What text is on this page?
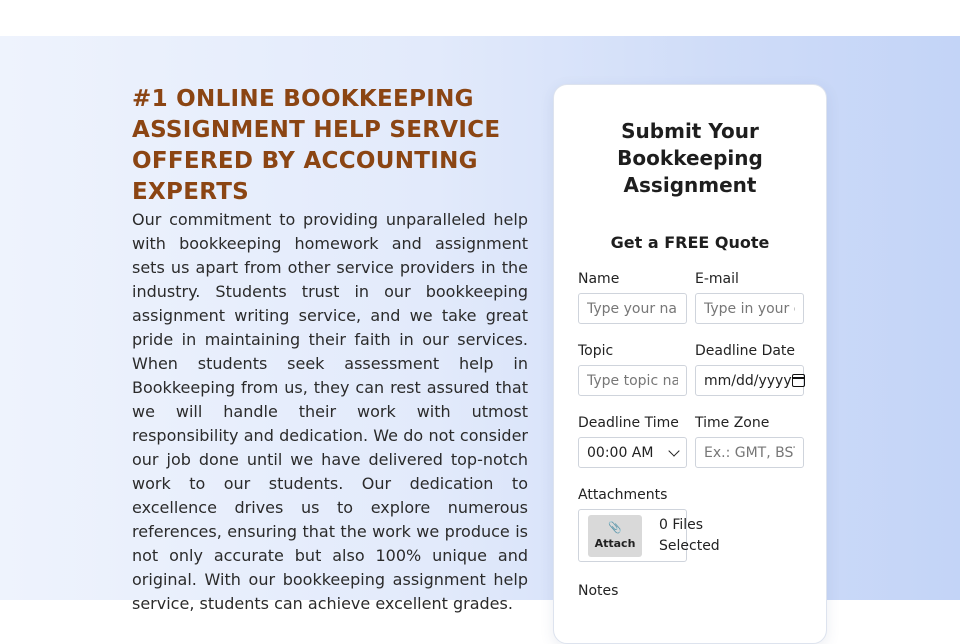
#1 ONLINE BOOKKEEPING ASSIGNMENT HELP SERVICE OFFERED BY ACCOUNTING EXPERTS

Our commitment to providing unparalleled help with bookkeeping homework and assignment sets us apart from other service providers in the industry. Students trust in our bookkeeping assignment writing service, and we take great pride in maintaining their faith in our services. When students seek assessment help in Bookkeeping from us, they can rest assured that we will handle their work with utmost responsibility and dedication. We do not consider our job done until we have delivered top-notch work to our students. Our dedication to excellence drives us to explore numerous references, ensuring that the work we produce is not only accurate but also 100% unique and original. With our bookkeeping assignment help service, students can achieve excellent grades.

Submit Your Bookkeeping Assignment
Get a FREE Quote
Name
Type your name	E-mail
Type in your email
Topic
Type topic name	Deadline Date
mm/dd/yyyy
Deadline Time
00:00 AM
Time Zone
Ex.: GMT, BST
Attachments
📎
Attach
0 Files Selected
Notes
